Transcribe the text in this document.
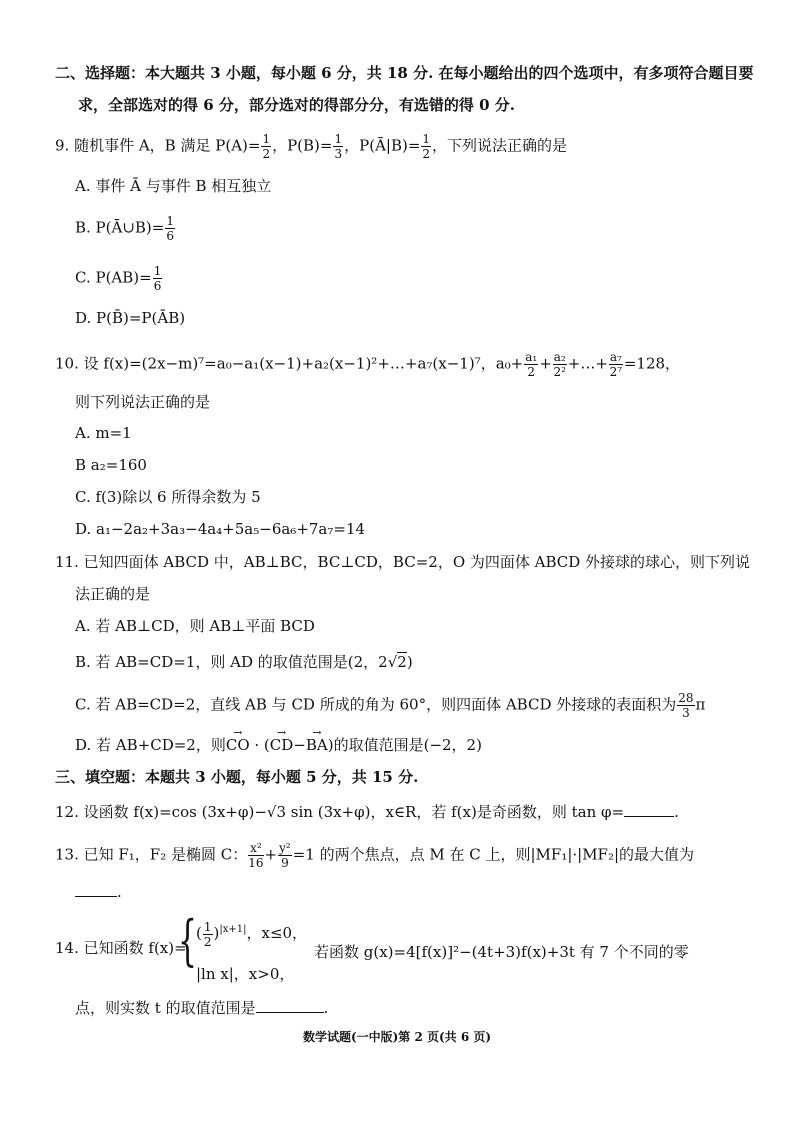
二、选择题：本大题共 3 小题，每小题 6 分，共 18 分. 在每小题给出的四个选项中，有多项符合题目要
求，全部选对的得 6 分，部分选对的得部分分，有选错的得 0 分.
9. 随机事件 A，B 满足 $P(A)= \frac{1}{2}$ ，$P(B)= \frac{1}{3}$ ，P(Ā|B)= $\frac{1}{2}$ ，下列说法正确的是
A. 事件 Ā 与事件 B 相互独立
B. P(Ā∪B)= $\frac{1}{6}$
C. $P(AB)= \frac{1}{6}$
D. P(B̄)=P(ĀB)
10. 设 f(x)=(2x−m)⁷=a₀−a₁(x−1)+a₂(x−1)²+…+a₇(x−1)⁷，$a_0+ \frac{\text{a₁}}{2} + \frac{\text{a₂}}{\text{2²}}$ +…+ $\frac{\text{a₇}}{\text{2⁷}} =128$，
则下列说法正确的是
A. m=1
B a₂=160
C. f(3)除以 6 所得余数为 5
D. a₁−2a₂+3a₃−4a₄+5a₅−6a₆+7a₇=14
11. 已知四面体 ABCD 中，AB⊥BC，BC⊥CD，BC=2，O 为四面体 ABCD 外接球的球心，则下列说
法正确的是
A. 若 AB⊥CD，则 AB⊥平面 BCD
B. 若 AB=CD=1，则 AD 的取值范围是(2，2√2)
C. 若 AB=CD=2，直线 AB 与 CD 所成的角为 60°，则四面体 ABCD 外接球的表面积为 $\frac{28}{3}$ π
D. 若 AB+CD=2，则→ CO · (→ CD−→ BA)的取值范围是(−2，2)
三、填空题：本题共 3 小题，每小题 5 分，共 15 分.
12. 设函数 f(x)=cos (3x+φ)−√3 sin (3x+φ)，x∈R，若 f(x)是奇函数，则 tan φ=	.
13. 已知 F₁，F₂ 是椭圆 C： $\frac{\text{x²}}{16} + \frac{\text{y²}}{9} =1$ 的两个焦点，点 M 在 C 上，则|MF₁|·|MF₂|的最大值为
.
14. 已知函数 f(x)=
{ ( $\frac{1}{2} )^{|x+1|}$，x≤0，
|ln x|，x>0，
若函数 g(x)=4[f(x)]²−(4t+3)f(x)+3t 有 7 个不同的零
点，则实数 t 的取值范围是	.
数学试题(一中版)第 2 页(共 6 页)
